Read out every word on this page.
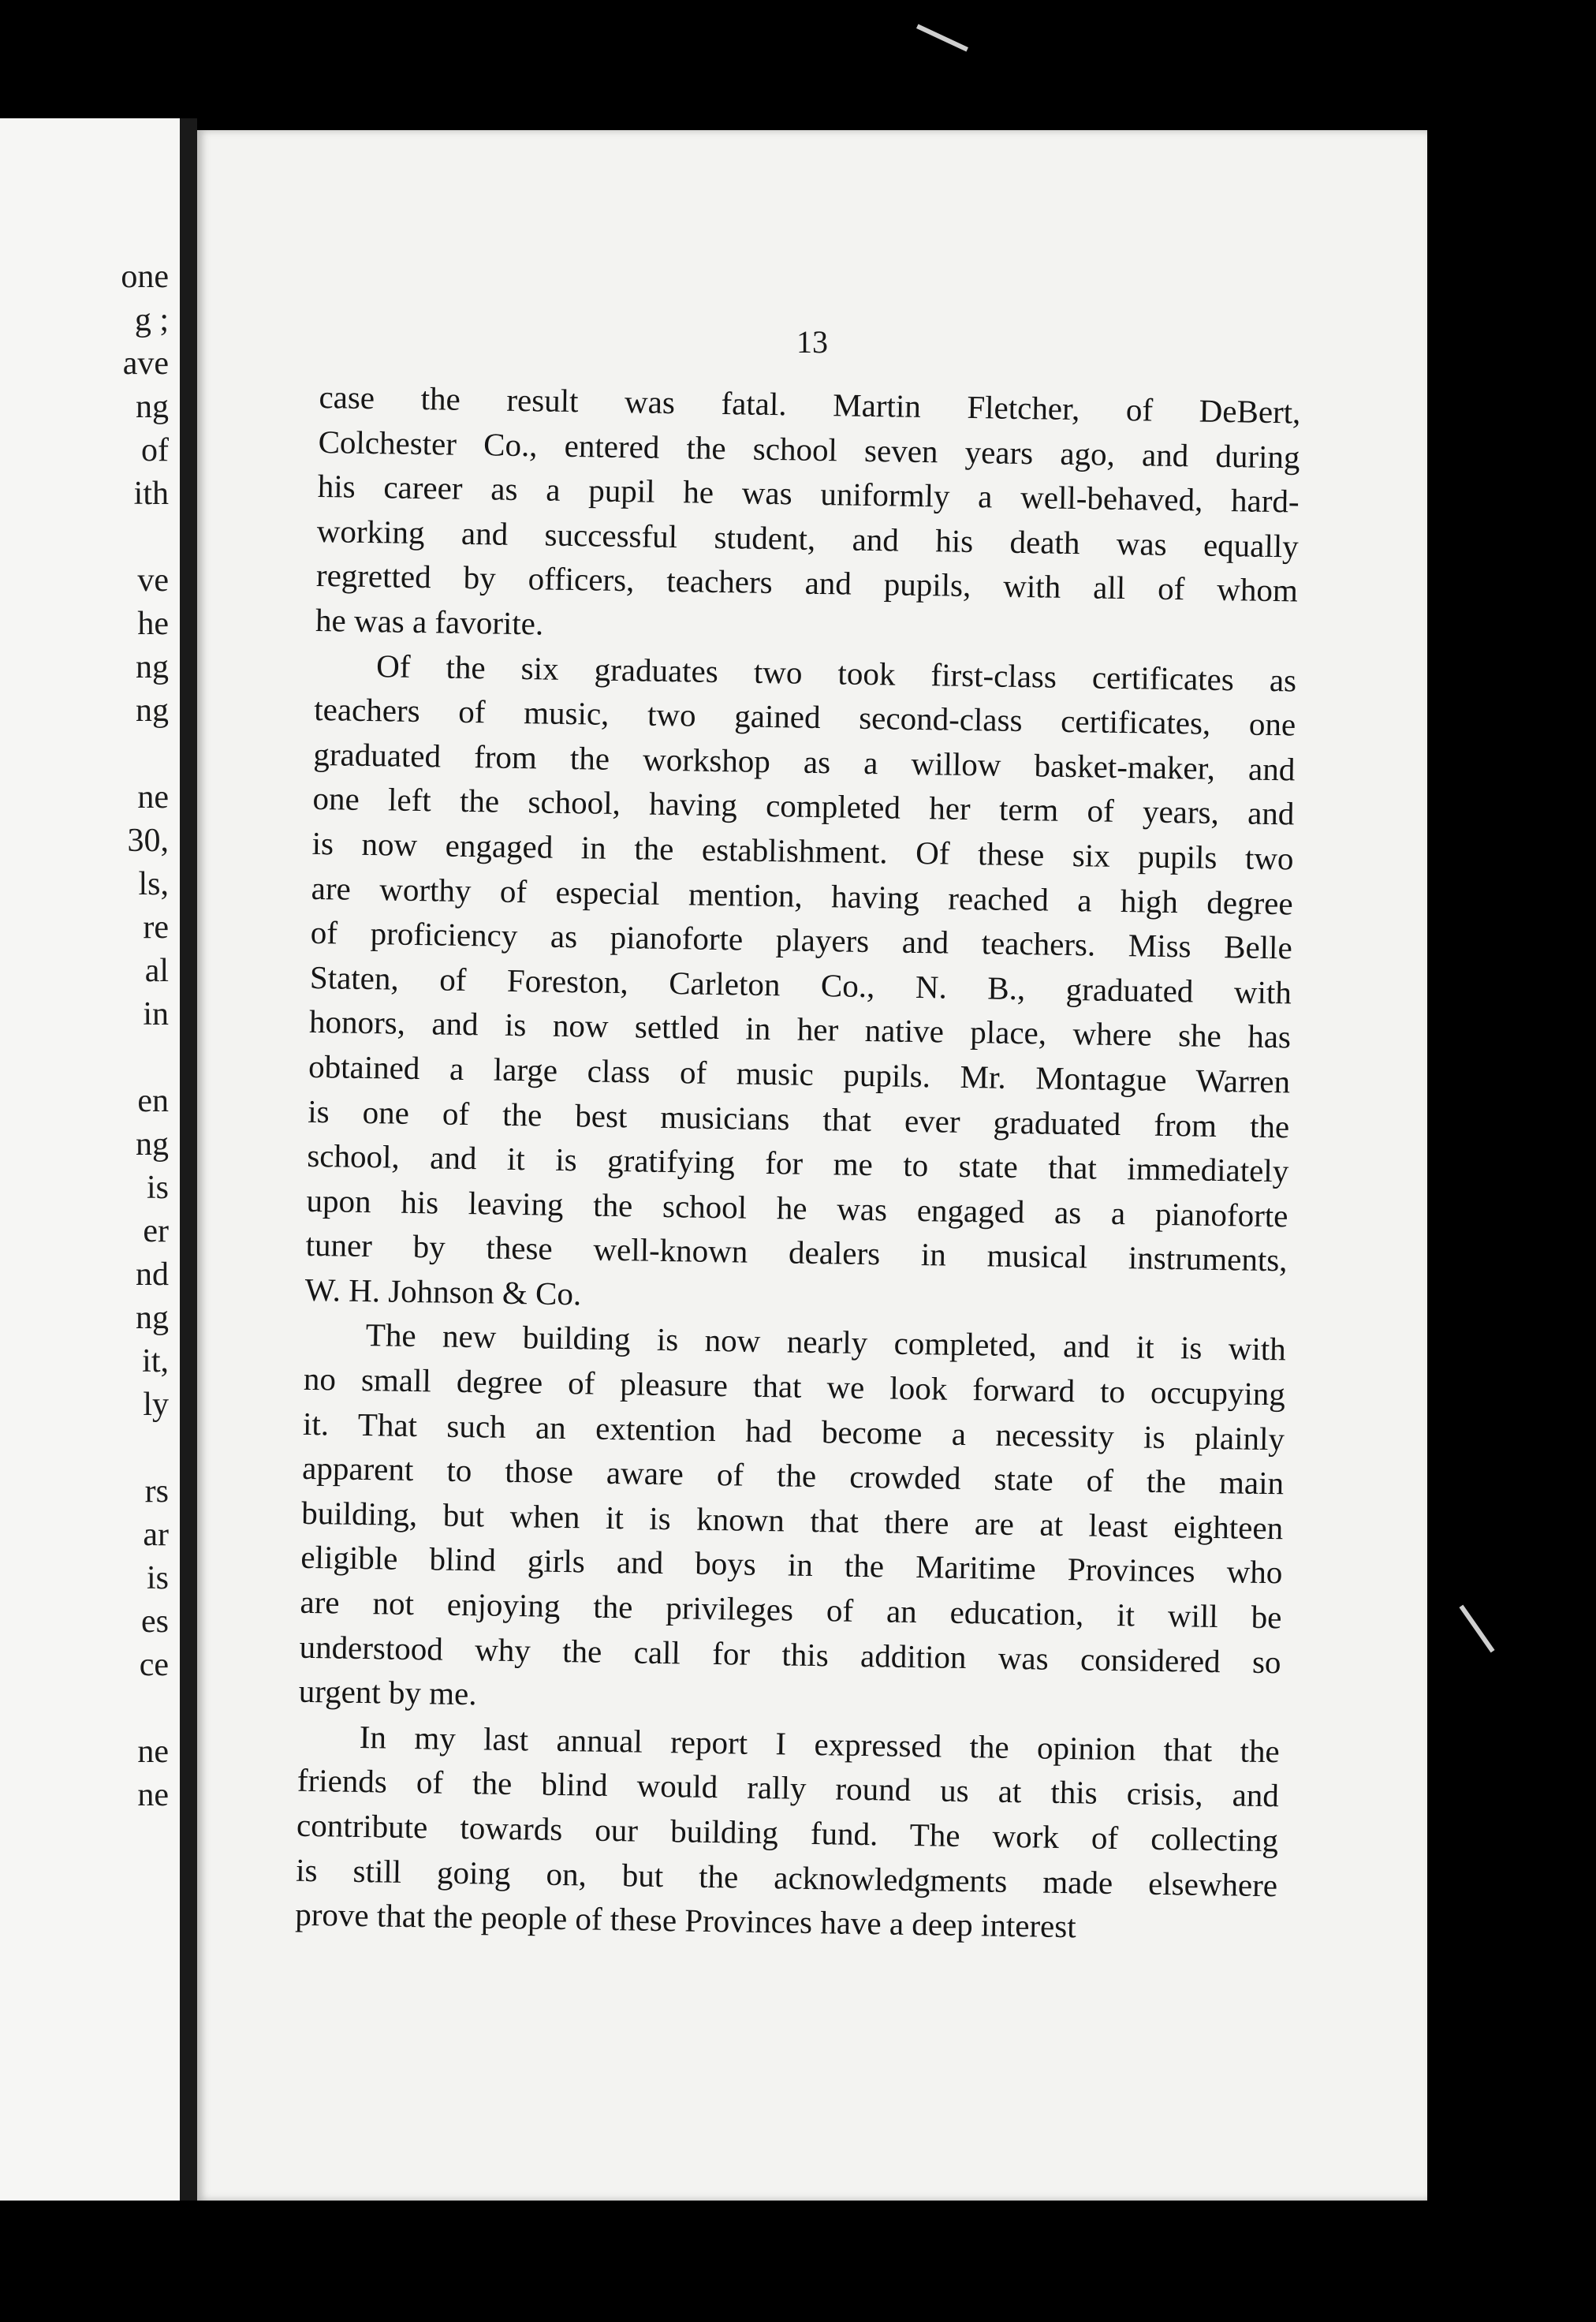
one
g ;
ave
ng
of
ith
ve
he
ng
ng
ne
30,
ls,
re
al
in
en
ng
is
er
nd
ng
it,
ly
rs
ar
is
es
ce
ne
ne
13
case the result was fatal. Martin Fletcher, of DeBert,
Colchester Co., entered the school seven years ago, and during
his career as a pupil he was uniformly a well-behaved, hard-
working and successful student, and his death was equally
regretted by officers, teachers and pupils, with all of whom
he was a favorite.
Of the six graduates two took first-class certificates as
teachers of music, two gained second-class certificates, one
graduated from the workshop as a willow basket-maker, and
one left the school, having completed her term of years, and
is now engaged in the establishment. Of these six pupils two
are worthy of especial mention, having reached a high degree
of proficiency as pianoforte players and teachers. Miss Belle
Staten, of Foreston, Carleton Co., N. B., graduated with
honors, and is now settled in her native place, where she has
obtained a large class of music pupils. Mr. Montague Warren
is one of the best musicians that ever graduated from the
school, and it is gratifying for me to state that immediately
upon his leaving the school he was engaged as a pianoforte
tuner by these well-known dealers in musical instruments,
W. H. Johnson & Co.
The new building is now nearly completed, and it is with
no small degree of pleasure that we look forward to occupying
it. That such an extention had become a necessity is plainly
apparent to those aware of the crowded state of the main
building, but when it is known that there are at least eighteen
eligible blind girls and boys in the Maritime Provinces who
are not enjoying the privileges of an education, it will be
understood why the call for this addition was considered so
urgent by me.
In my last annual report I expressed the opinion that the
friends of the blind would rally round us at this crisis, and
contribute towards our building fund. The work of collecting
is still going on, but the acknowledgments made elsewhere
prove that the people of these Provinces have a deep interest
